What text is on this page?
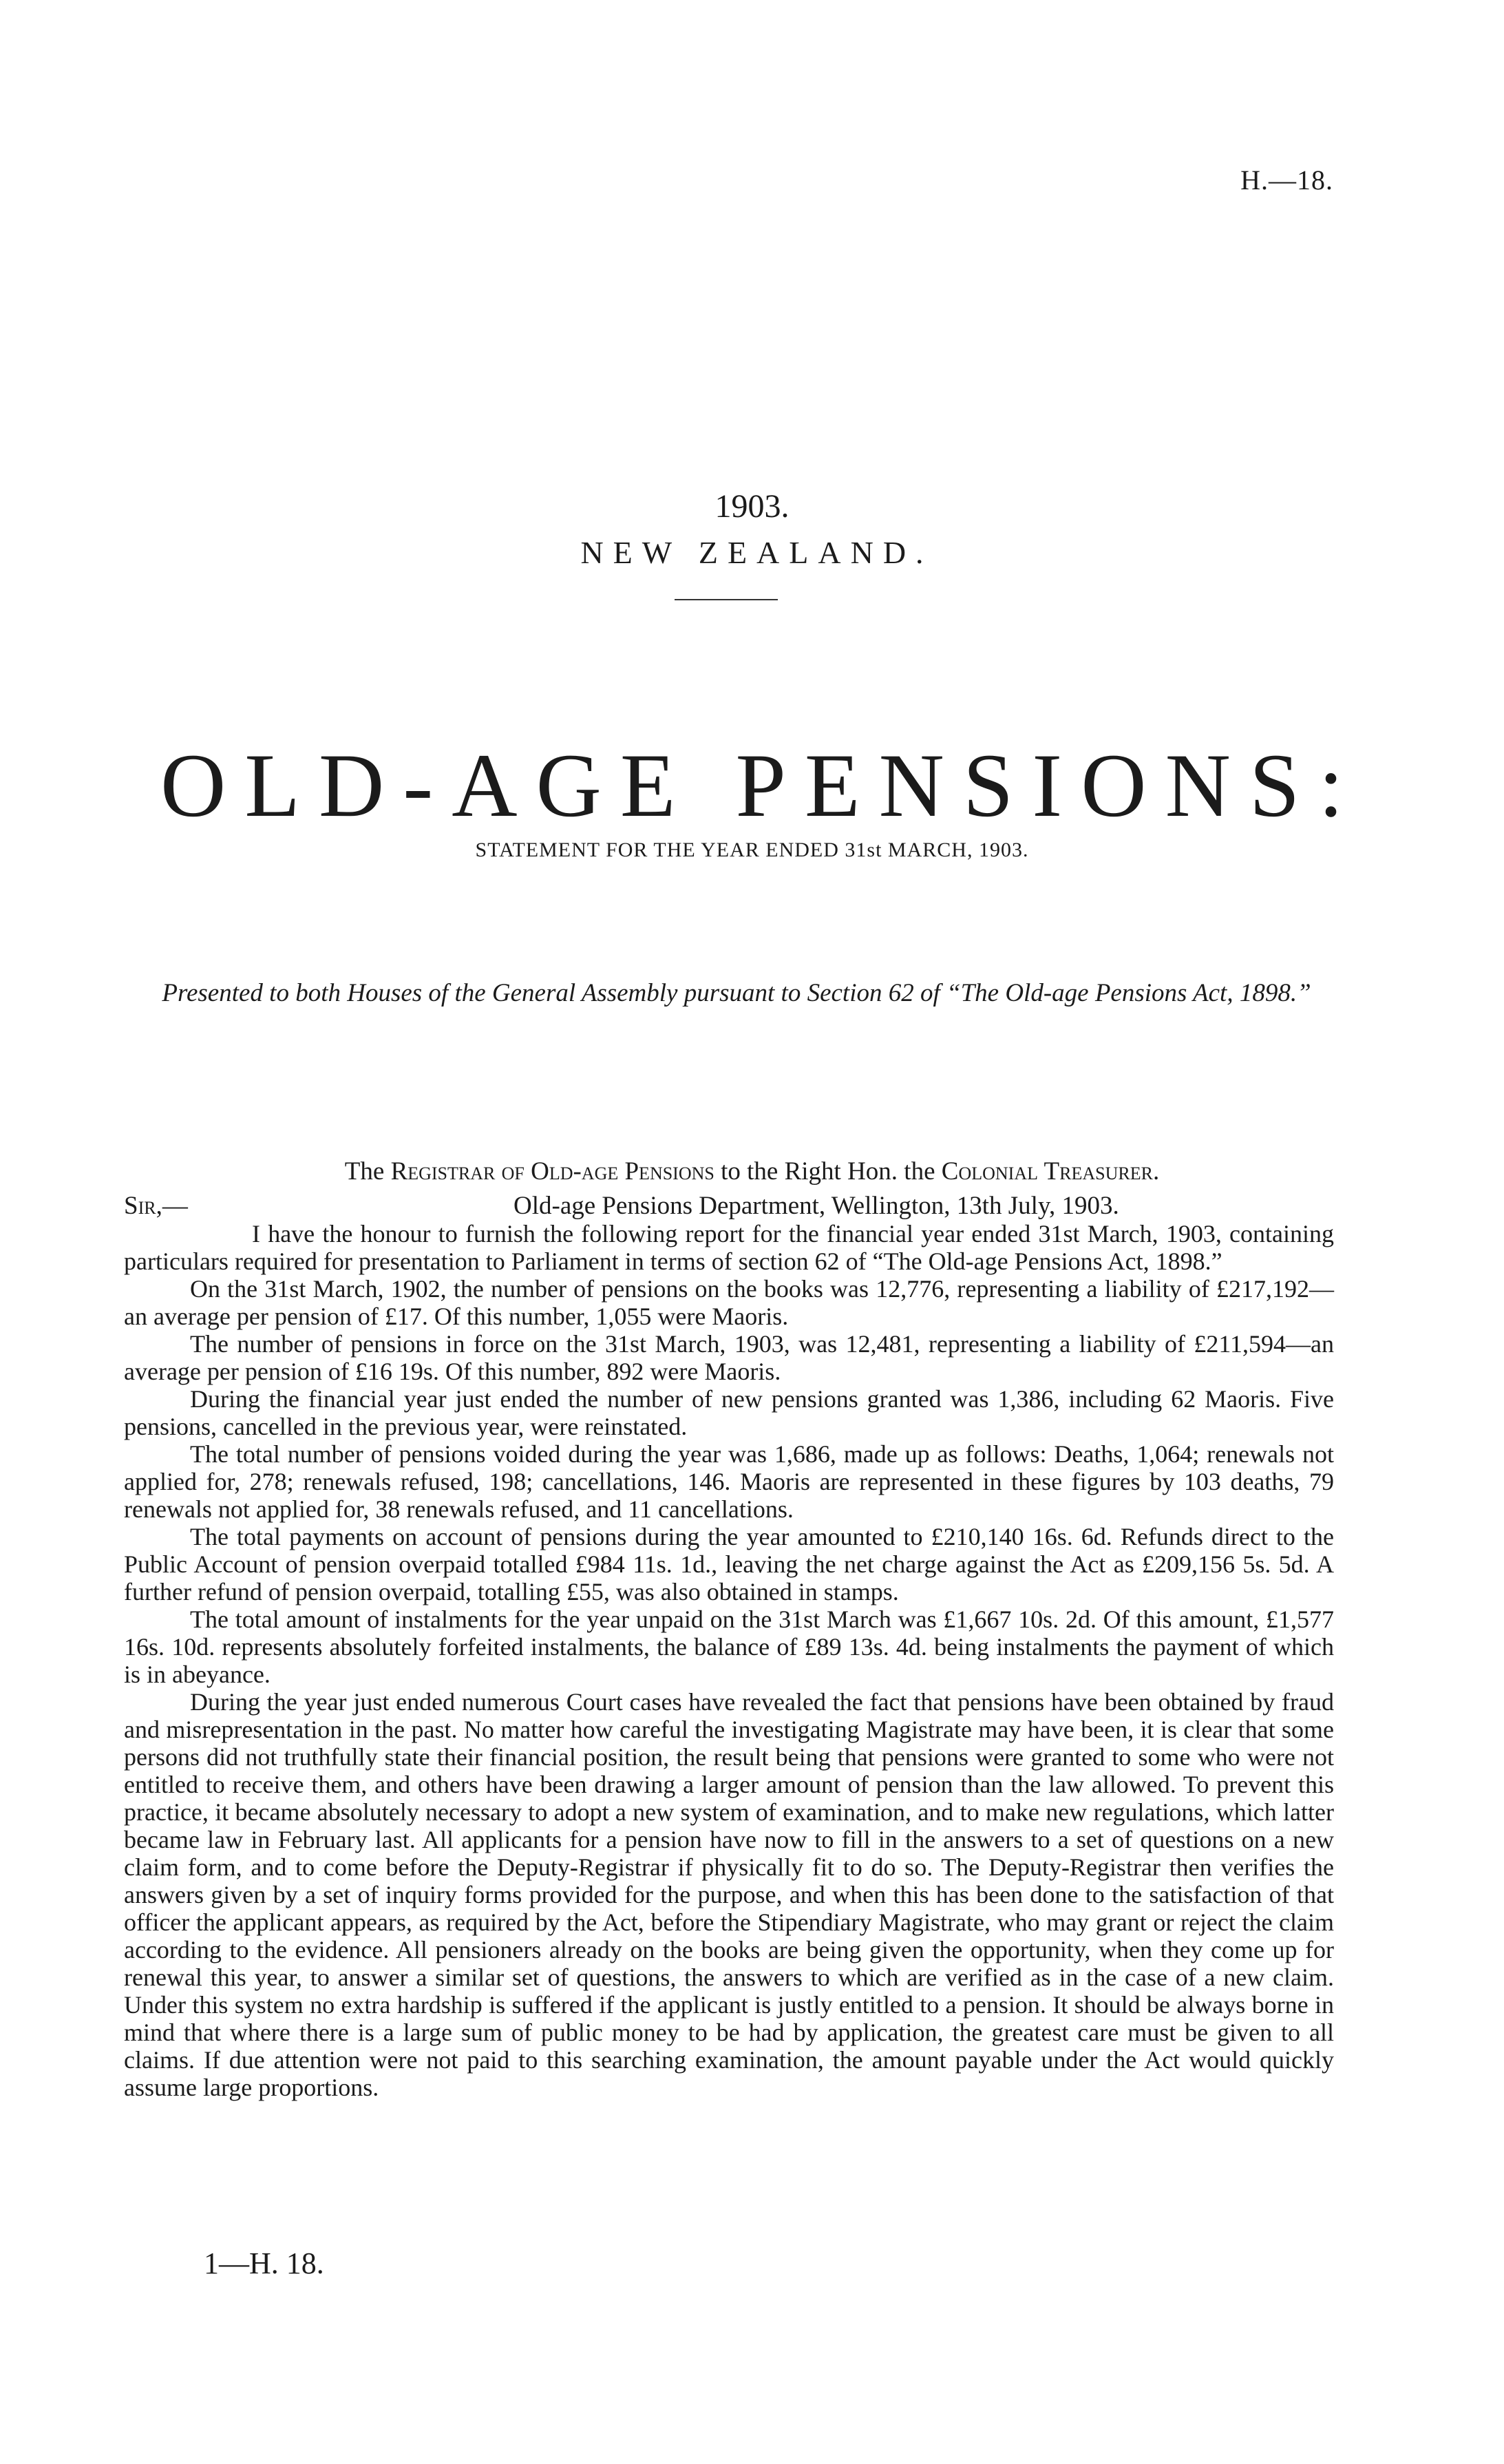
H.—18.
1903.
NEW ZEALAND.
OLD-AGE PENSIONS:
STATEMENT FOR THE YEAR ENDED 31st MARCH, 1903.
Presented to both Houses of the General Assembly pursuant to Section 62 of “The Old-age Pensions Act, 1898.”
The Registrar of Old-age Pensions to the Right Hon. the Colonial Treasurer.
Sir,—	Old-age Pensions Department, Wellington, 13th July, 1903.

I have the honour to furnish the following report for the financial year ended 31st March, 1903, containing particulars required for presentation to Parliament in terms of section 62 of “The Old-age Pensions Act, 1898.”

On the 31st March, 1902, the number of pensions on the books was 12,776, representing a liability of £217,192—an average per pension of £17. Of this number, 1,055 were Maoris.

The number of pensions in force on the 31st March, 1903, was 12,481, representing a liability of £211,594—an average per pension of £16 19s. Of this number, 892 were Maoris.

During the financial year just ended the number of new pensions granted was 1,386, including 62 Maoris. Five pensions, cancelled in the previous year, were reinstated.

The total number of pensions voided during the year was 1,686, made up as follows: Deaths, 1,064; renewals not applied for, 278; renewals refused, 198; cancellations, 146. Maoris are represented in these figures by 103 deaths, 79 renewals not applied for, 38 renewals refused, and 11 cancellations.

The total payments on account of pensions during the year amounted to £210,140 16s. 6d. Refunds direct to the Public Account of pension overpaid totalled £984 11s. 1d., leaving the net charge against the Act as £209,156 5s. 5d. A further refund of pension overpaid, totalling £55, was also obtained in stamps.

The total amount of instalments for the year unpaid on the 31st March was £1,667 10s. 2d. Of this amount, £1,577 16s. 10d. represents absolutely forfeited instalments, the balance of £89 13s. 4d. being instalments the payment of which is in abeyance.

During the year just ended numerous Court cases have revealed the fact that pensions have been obtained by fraud and misrepresentation in the past. No matter how careful the investigating Magistrate may have been, it is clear that some persons did not truthfully state their financial position, the result being that pensions were granted to some who were not entitled to receive them, and others have been drawing a larger amount of pension than the law allowed. To prevent this practice, it became absolutely necessary to adopt a new system of examination, and to make new regulations, which latter became law in February last. All applicants for a pension have now to fill in the answers to a set of questions on a new claim form, and to come before the Deputy-Registrar if physically fit to do so. The Deputy-Registrar then verifies the answers given by a set of inquiry forms provided for the purpose, and when this has been done to the satisfaction of that officer the applicant appears, as required by the Act, before the Stipendiary Magistrate, who may grant or reject the claim according to the evidence. All pensioners already on the books are being given the opportunity, when they come up for renewal this year, to answer a similar set of questions, the answers to which are verified as in the case of a new claim. Under this system no extra hardship is suffered if the applicant is justly entitled to a pension. It should be always borne in mind that where there is a large sum of public money to be had by application, the greatest care must be given to all claims. If due attention were not paid to this searching examination, the amount payable under the Act would quickly assume large proportions.

1—H. 18.
